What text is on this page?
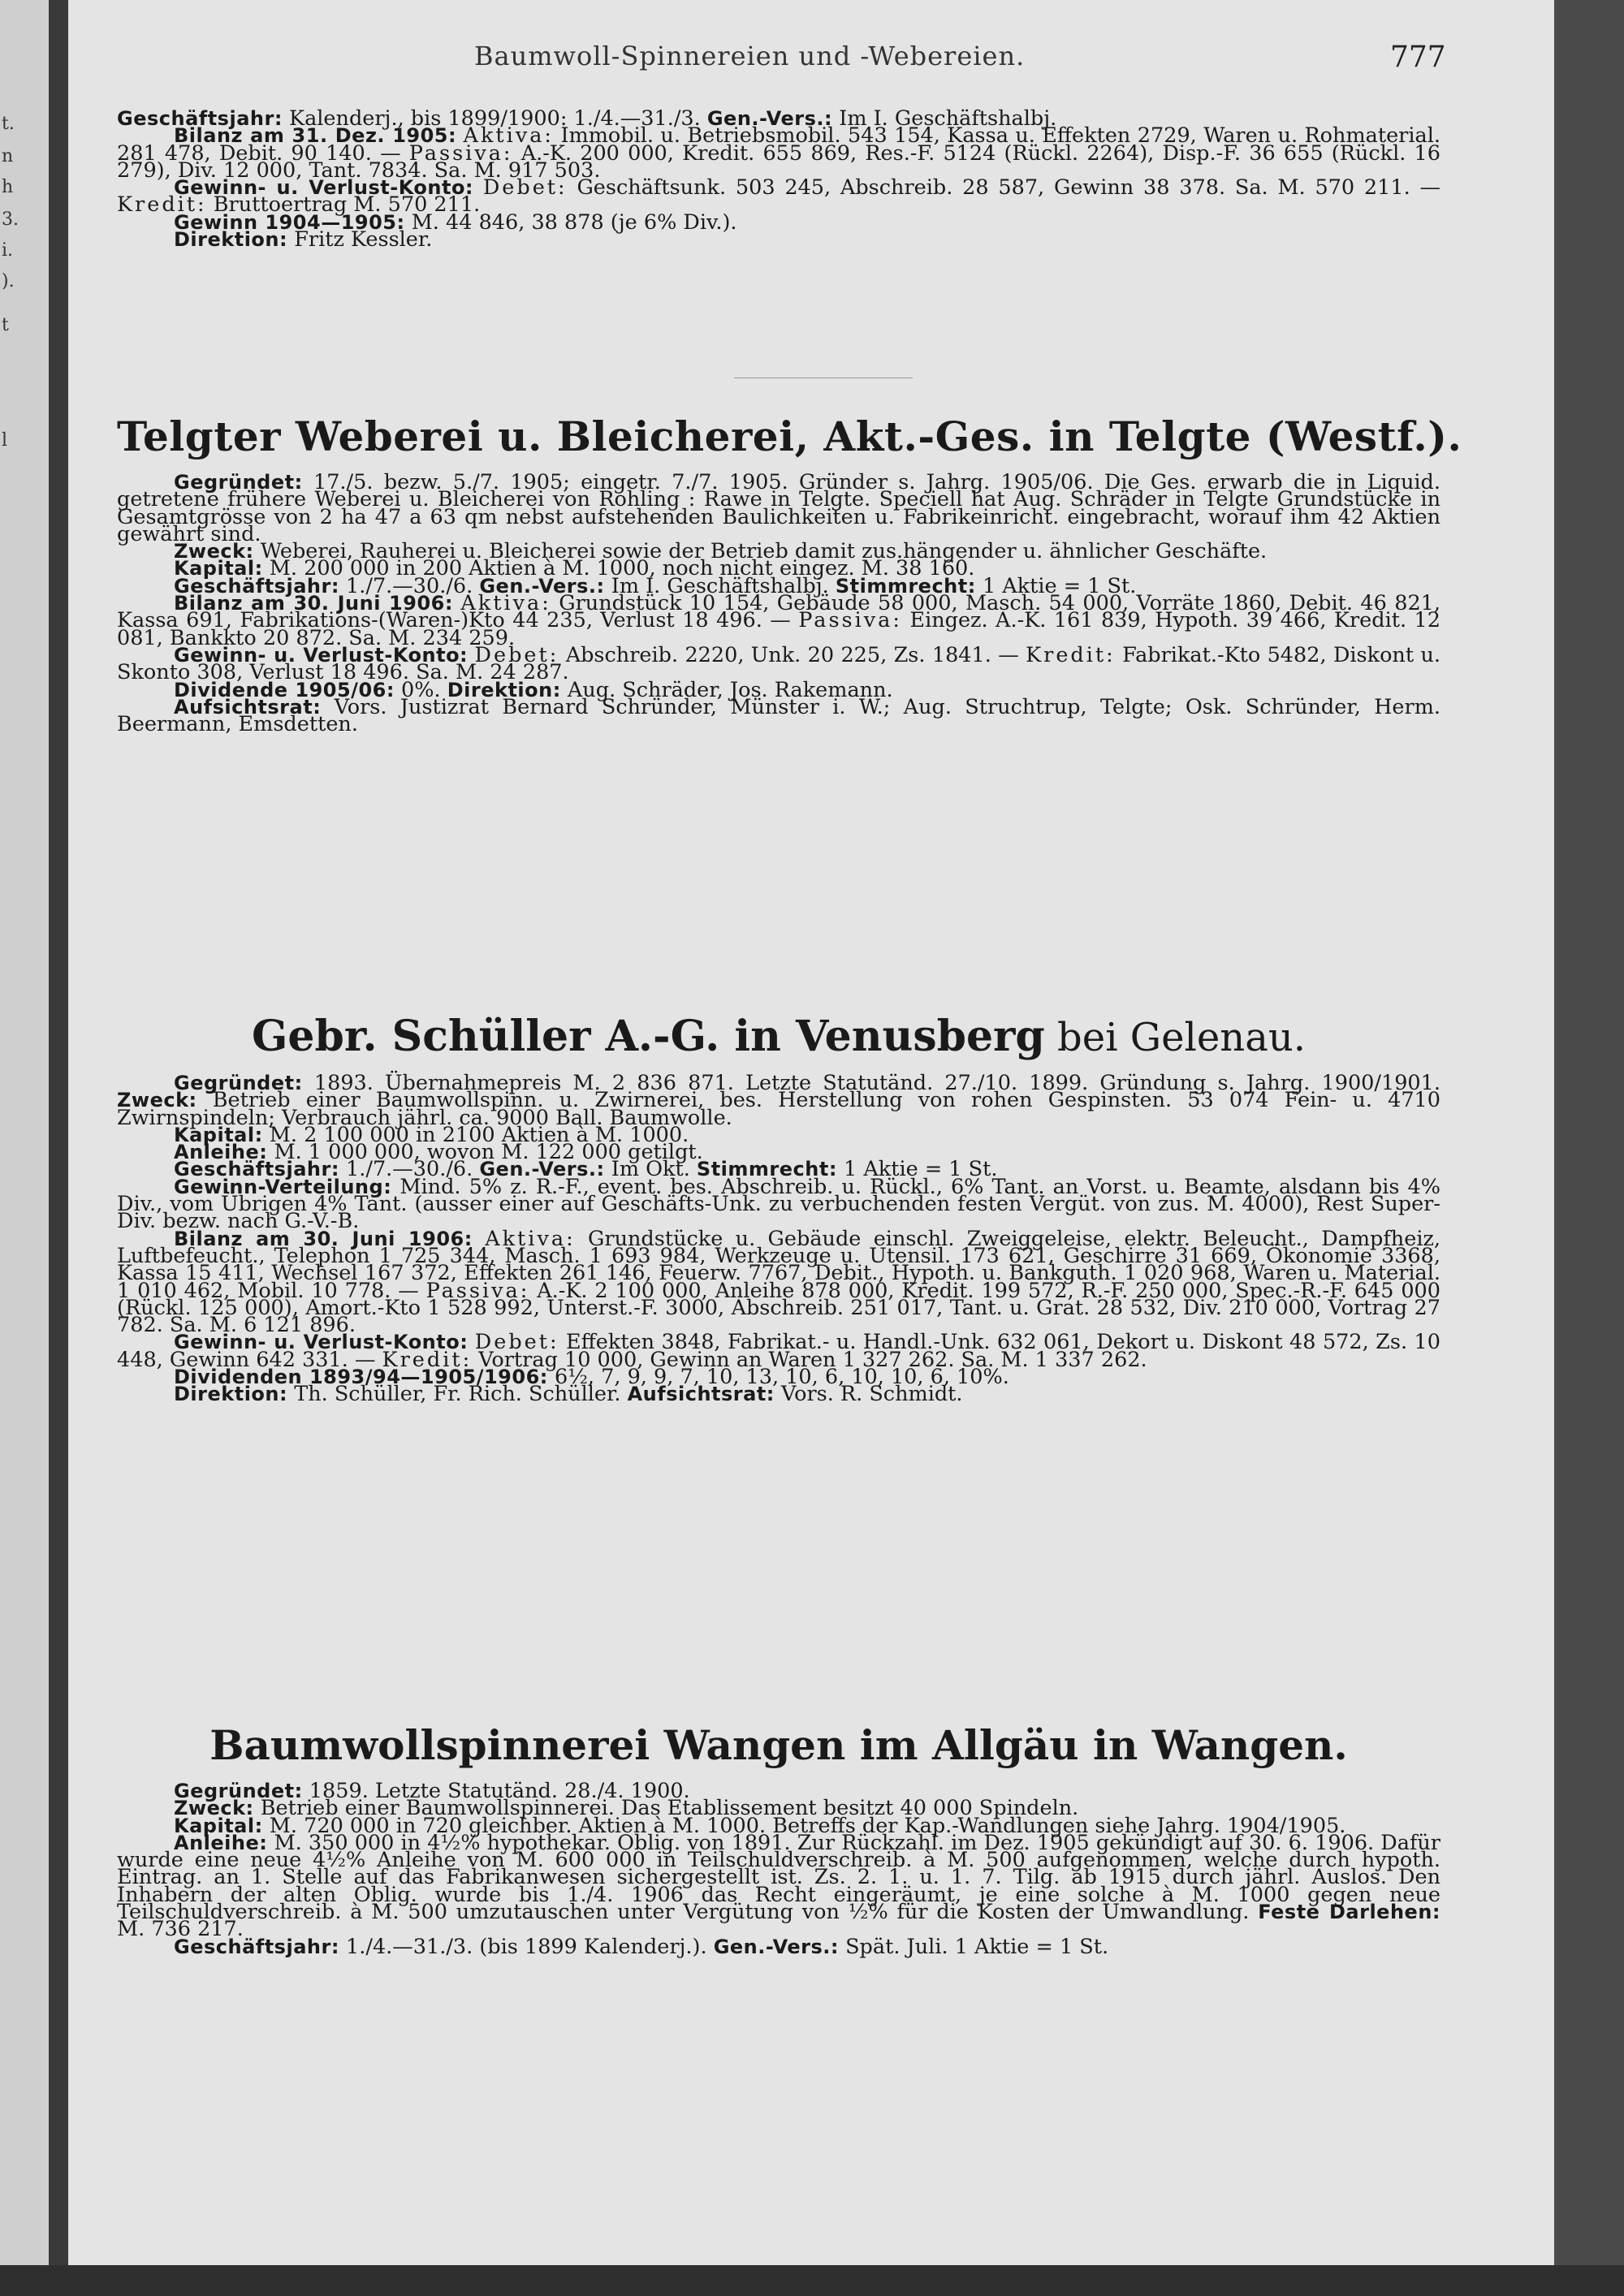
t.
n
h
3.
i.
).
t
l
Baumwoll-Spinnereien und -Webereien.	777

Geschäftsjahr: Kalenderj., bis 1899/1900: 1./4.—31./3. Gen.-Vers.: Im I. Geschäftshalbj.

Bilanz am 31. Dez. 1905: Aktiva: Immobil. u. Betriebsmobil. 543 154, Kassa u. Effekten 2729, Waren u. Rohmaterial. 281 478, Debit. 90 140. — Passiva: A.-K. 200 000, Kredit. 655 869, Res.-F. 5124 (Rückl. 2264), Disp.-F. 36 655 (Rückl. 16 279), Div. 12 000, Tant. 7834. Sa. M. 917 503.

Gewinn- u. Verlust-Konto: Debet: Geschäftsunk. 503 245, Abschreib. 28 587, Gewinn 38 378. Sa. M. 570 211. — Kredit: Bruttoertrag M. 570 211.

Gewinn 1904—1905: M. 44 846, 38 878 (je 6% Div.).

Direktion: Fritz Kessler.

Telgter Weberei u. Bleicherei, Akt.-Ges. in Telgte (Westf.).

Gegründet: 17./5. bezw. 5./7. 1905; eingetr. 7./7. 1905. Gründer s. Jahrg. 1905/06. Die Ges. erwarb die in Liquid. getretene frühere Weberei u. Bleicherei von Rohling : Rawe in Telgte. Speciell hat Aug. Schräder in Telgte Grundstücke in Gesamtgrösse von 2 ha 47 a 63 qm nebst aufstehenden Baulichkeiten u. Fabrikeinricht. eingebracht, worauf ihm 42 Aktien gewährt sind.

Zweck: Weberei, Rauherei u. Bleicherei sowie der Betrieb damit zus.hängender u. ähnlicher Geschäfte.

Kapital: M. 200 000 in 200 Aktien à M. 1000, noch nicht eingez. M. 38 160.

Geschäftsjahr: 1./7.—30./6. Gen.-Vers.: Im I. Geschäftshalbj. Stimmrecht: 1 Aktie = 1 St.

Bilanz am 30. Juni 1906: Aktiva: Grundstück 10 154, Gebäude 58 000, Masch. 54 000, Vorräte 1860, Debit. 46 821, Kassa 691, Fabrikations-(Waren-)Kto 44 235, Verlust 18 496. — Passiva: Eingez. A.-K. 161 839, Hypoth. 39 466, Kredit. 12 081, Bankkto 20 872. Sa. M. 234 259.

Gewinn- u. Verlust-Konto: Debet: Abschreib. 2220, Unk. 20 225, Zs. 1841. — Kredit: Fabrikat.-Kto 5482, Diskont u. Skonto 308, Verlust 18 496. Sa. M. 24 287.

Dividende 1905/06: 0%. Direktion: Aug. Schräder, Jos. Rakemann.

Aufsichtsrat: Vors. Justizrat Bernard Schründer, Münster i. W.; Aug. Struchtrup, Telgte; Osk. Schründer, Herm. Beermann, Emsdetten.

Gebr. Schüller A.-G. in Venusberg bei Gelenau.

Gegründet: 1893. Übernahmepreis M. 2 836 871. Letzte Statutänd. 27./10. 1899. Gründung s. Jahrg. 1900/1901. Zweck: Betrieb einer Baumwollspinn. u. Zwirnerei, bes. Herstellung von rohen Gespinsten. 53 074 Fein- u. 4710 Zwirnspindeln; Verbrauch jährl. ca. 9000 Ball. Baumwolle.

Kapital: M. 2 100 000 in 2100 Aktien à M. 1000.

Anleihe: M. 1 000 000, wovon M. 122 000 getilgt.

Geschäftsjahr: 1./7.—30./6. Gen.-Vers.: Im Okt. Stimmrecht: 1 Aktie = 1 St.

Gewinn-Verteilung: Mind. 5% z. R.-F., event. bes. Abschreib. u. Rückl., 6% Tant. an Vorst. u. Beamte, alsdann bis 4% Div., vom Übrigen 4% Tant. (ausser einer auf Geschäfts-Unk. zu verbuchenden festen Vergüt. von zus. M. 4000), Rest Super-Div. bezw. nach G.-V.-B.

Bilanz am 30. Juni 1906: Aktiva: Grundstücke u. Gebäude einschl. Zweiggeleise, elektr. Beleucht., Dampfheiz, Luftbefeucht., Telephon 1 725 344, Masch. 1 693 984, Werkzeuge u. Utensil. 173 621, Geschirre 31 669, Ökonomie 3368, Kassa 15 411, Wechsel 167 372, Effekten 261 146, Feuerw. 7767, Debit., Hypoth. u. Bankguth. 1 020 968, Waren u. Material. 1 010 462, Mobil. 10 778. — Passiva: A.-K. 2 100 000, Anleihe 878 000, Kredit. 199 572, R.-F. 250 000, Spec.-R.-F. 645 000 (Rückl. 125 000), Amort.-Kto 1 528 992, Unterst.-F. 3000, Abschreib. 251 017, Tant. u. Grat. 28 532, Div. 210 000, Vortrag 27 782. Sa. M. 6 121 896.

Gewinn- u. Verlust-Konto: Debet: Effekten 3848, Fabrikat.- u. Handl.-Unk. 632 061, Dekort u. Diskont 48 572, Zs. 10 448, Gewinn 642 331. — Kredit: Vortrag 10 000, Gewinn an Waren 1 327 262. Sa. M. 1 337 262.

Dividenden 1893/94—1905/1906: 6½, 7, 9, 9, 7, 10, 13, 10, 6, 10, 10, 6, 10%.

Direktion: Th. Schüller, Fr. Rich. Schüller. Aufsichtsrat: Vors. R. Schmidt.

Baumwollspinnerei Wangen im Allgäu in Wangen.

Gegründet: 1859. Letzte Statutänd. 28./4. 1900.

Zweck: Betrieb einer Baumwollspinnerei. Das Etablissement besitzt 40 000 Spindeln.

Kapital: M. 720 000 in 720 gleichber. Aktien à M. 1000. Betreffs der Kap.-Wandlungen siehe Jahrg. 1904/1905.

Anleihe: M. 350 000 in 4½% hypothekar. Oblig. von 1891. Zur Rückzahl. im Dez. 1905 gekündigt auf 30. 6. 1906. Dafür wurde eine neue 4½% Anleihe von M. 600 000 in Teilschuldverschreib. à M. 500 aufgenommen, welche durch hypoth. Eintrag. an 1. Stelle auf das Fabrikanwesen sichergestellt ist. Zs. 2. 1. u. 1. 7. Tilg. ab 1915 durch jährl. Auslos. Den Inhabern der alten Oblig. wurde bis 1./4. 1906 das Recht eingeräumt, je eine solche à M. 1000 gegen neue Teilschuldverschreib. à M. 500 umzutauschen unter Vergütung von ½% für die Kosten der Umwandlung. Feste Darlehen: M. 736 217.

Geschäftsjahr: 1./4.—31./3. (bis 1899 Kalenderj.). Gen.-Vers.: Spät. Juli. 1 Aktie = 1 St.
